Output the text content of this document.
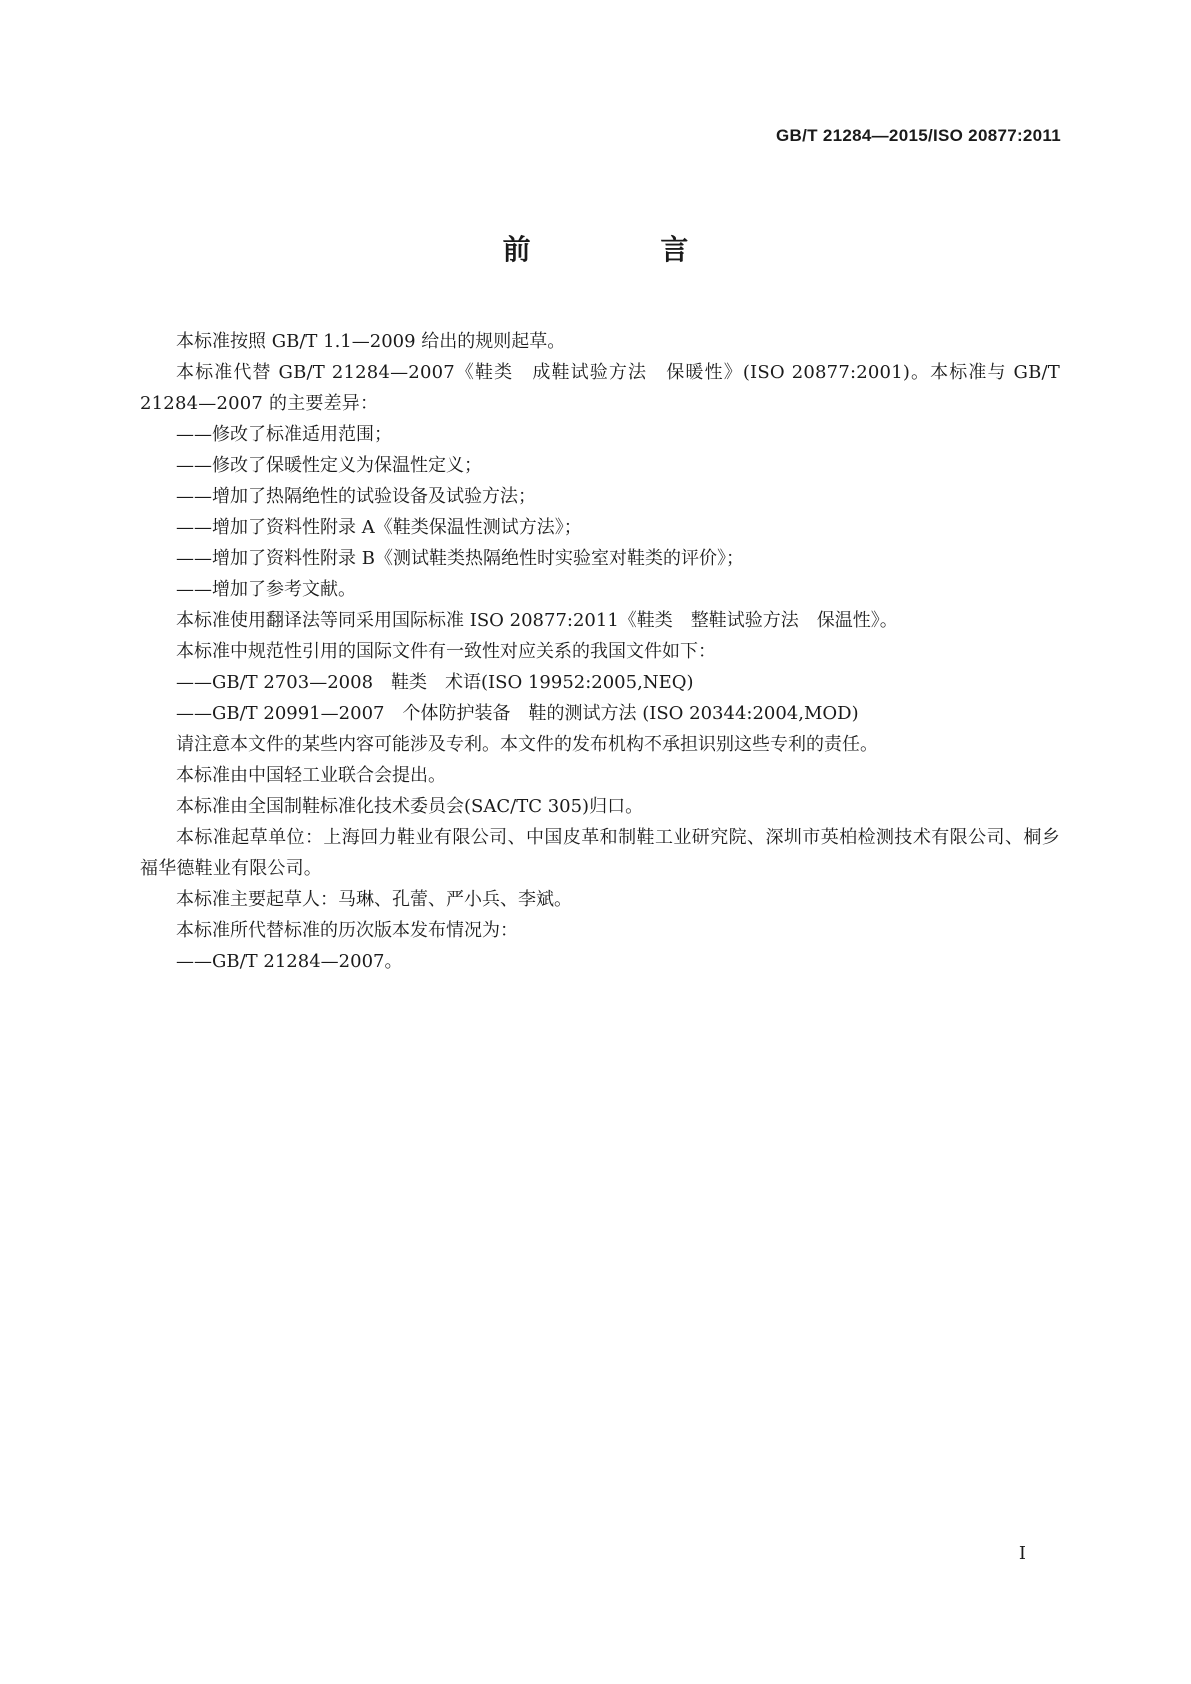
GB/T 21284—2015/ISO 20877:2011
前 言

本标准按照 GB/T 1.1—2009 给出的规则起草。

本标准代替 GB/T 21284—2007《鞋类　成鞋试验方法　保暖性》(ISO 20877:2001)。本标准与 GB/T 21284—2007 的主要差异：

——修改了标准适用范围；

——修改了保暖性定义为保温性定义；

——增加了热隔绝性的试验设备及试验方法；

——增加了资料性附录 A《鞋类保温性测试方法》；

——增加了资料性附录 B《测试鞋类热隔绝性时实验室对鞋类的评价》；

——增加了参考文献。

本标准使用翻译法等同采用国际标准 ISO 20877:2011《鞋类　整鞋试验方法　保温性》。

本标准中规范性引用的国际文件有一致性对应关系的我国文件如下：

——GB/T 2703—2008　鞋类　术语(ISO 19952:2005,NEQ)

——GB/T 20991—2007　个体防护装备　鞋的测试方法 (ISO 20344:2004,MOD)

请注意本文件的某些内容可能涉及专利。本文件的发布机构不承担识别这些专利的责任。

本标准由中国轻工业联合会提出。

本标准由全国制鞋标准化技术委员会(SAC/TC 305)归口。

本标准起草单位：上海回力鞋业有限公司、中国皮革和制鞋工业研究院、深圳市英柏检测技术有限公司、桐乡福华德鞋业有限公司。

本标准主要起草人：马琳、孔蕾、严小兵、李斌。

本标准所代替标准的历次版本发布情况为：

——GB/T 21284—2007。

I
